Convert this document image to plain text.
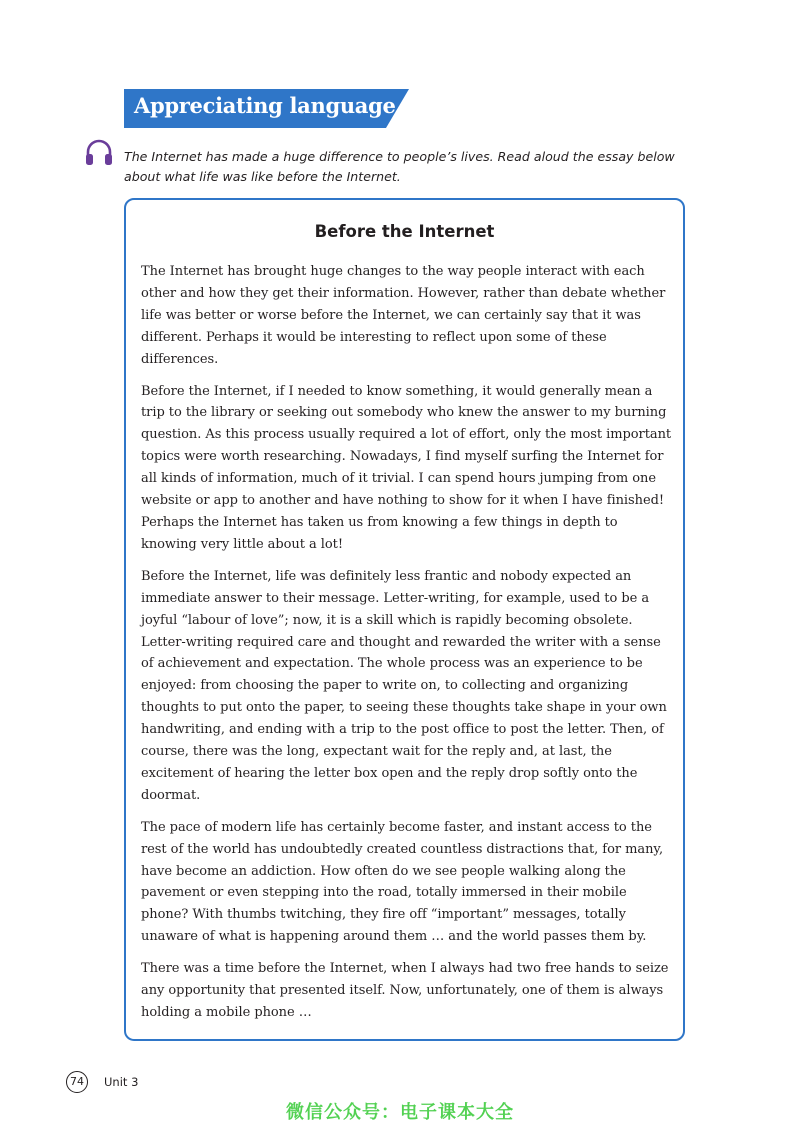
Appreciating language
The Internet has made a huge difference to people’s lives. Read aloud the essay below about what life was like before the Internet.
Before the Internet

The Internet has brought huge changes to the way people interact with each other and how they get their information. However, rather than debate whether life was better or worse before the Internet, we can certainly say that it was different. Perhaps it would be interesting to reflect upon some of these differences.

Before the Internet, if I needed to know something, it would generally mean a trip to the library or seeking out somebody who knew the answer to my burning question. As this process usually required a lot of effort, only the most important topics were worth researching. Nowadays, I find myself surfing the Internet for all kinds of information, much of it trivial. I can spend hours jumping from one website or app to another and have nothing to show for it when I have finished! Perhaps the Internet has taken us from knowing a few things in depth to knowing very little about a lot!

Before the Internet, life was definitely less frantic and nobody expected an immediate answer to their message. Letter-writing, for example, used to be a joyful “labour of love”; now, it is a skill which is rapidly becoming obsolete. Letter-writing required care and thought and rewarded the writer with a sense of achievement and expectation. The whole process was an experience to be enjoyed: from choosing the paper to write on, to collecting and organizing thoughts to put onto the paper, to seeing these thoughts take shape in your own handwriting, and ending with a trip to the post office to post the letter. Then, of course, there was the long, expectant wait for the reply and, at last, the excitement of hearing the letter box open and the reply drop softly onto the doormat.

The pace of modern life has certainly become faster, and instant access to the rest of the world has undoubtedly created countless distractions that, for many, have become an addiction. How often do we see people walking along the pavement or even stepping into the road, totally immersed in their mobile phone? With thumbs twitching, they fire off “important” messages, totally unaware of what is happening around them … and the world passes them by.

There was a time before the Internet, when I always had two free hands to seize any opportunity that presented itself. Now, unfortunately, one of them is always holding a mobile phone …

74	Unit 3
微信公众号：电子课本大全
